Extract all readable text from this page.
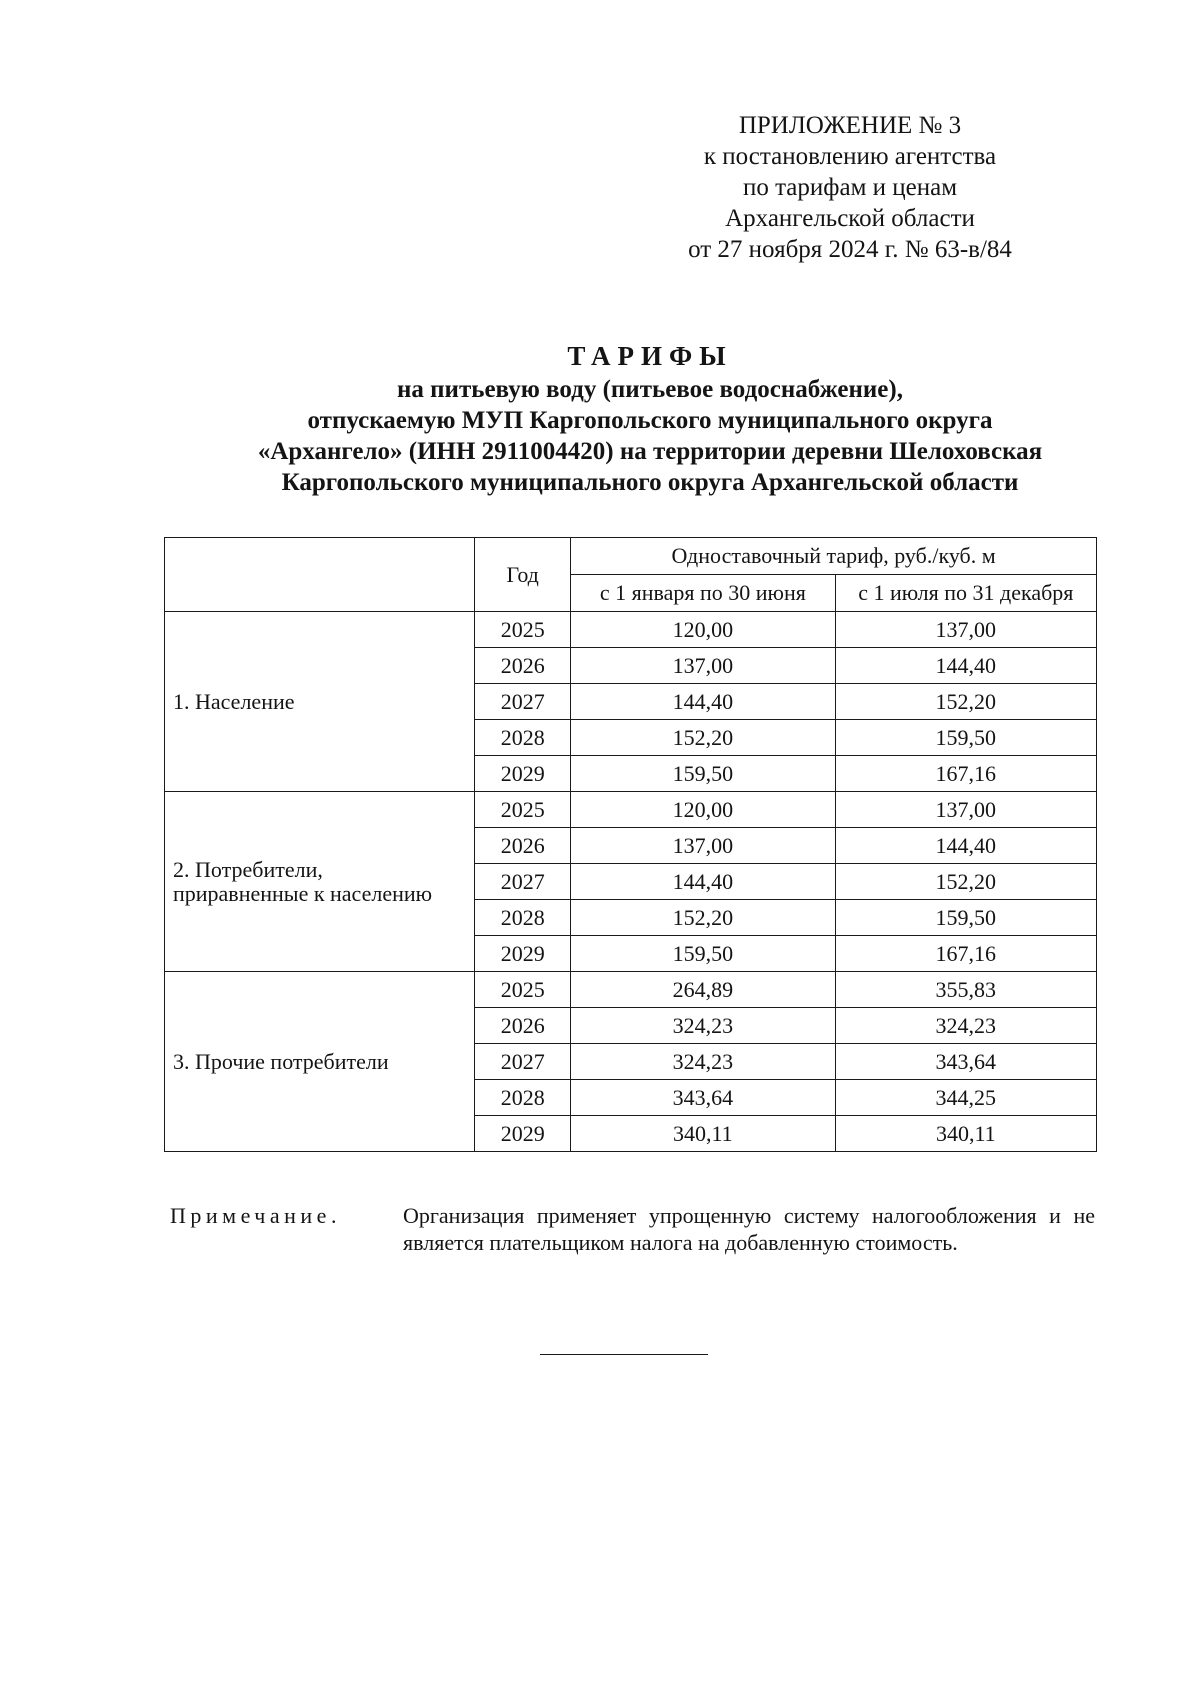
ПРИЛОЖЕНИЕ № 3
к постановлению агентства
по тарифам и ценам
Архангельской области
от 27 ноября 2024 г. № 63-в/84
ТАРИФЫ
на питьевую воду (питьевое водоснабжение),
отпускаемую МУП Каргопольского муниципального округа
«Архангело» (ИНН 2911004420) на территории деревни Шелоховская
Каргопольского муниципального округа Архангельской области
	Год	Одноставочный тариф, руб./куб. м	
		с 1 января по 30 июня	с 1 июля по 31 декабря
1. Население	2025	120,00	137,00
	2026	137,00	144,40
	2027	144,40	152,20
	2028	152,20	159,50
	2029	159,50	167,16

2. Потребители,
приравненные к населению	2025	120,00	137,00
	2026	137,00	144,40
	2027	144,40	152,20
	2028	152,20	159,50
	2029	159,50	167,16
3. Прочие потребители	2025	264,89	355,83
	2026	324,23	324,23
	2027	324,23	343,64
	2028	343,64	344,25
	2029	340,11	340,11
Примечание.	Организация применяет упрощенную систему налогообложения и не является плательщиком налога на добавленную стоимость.
